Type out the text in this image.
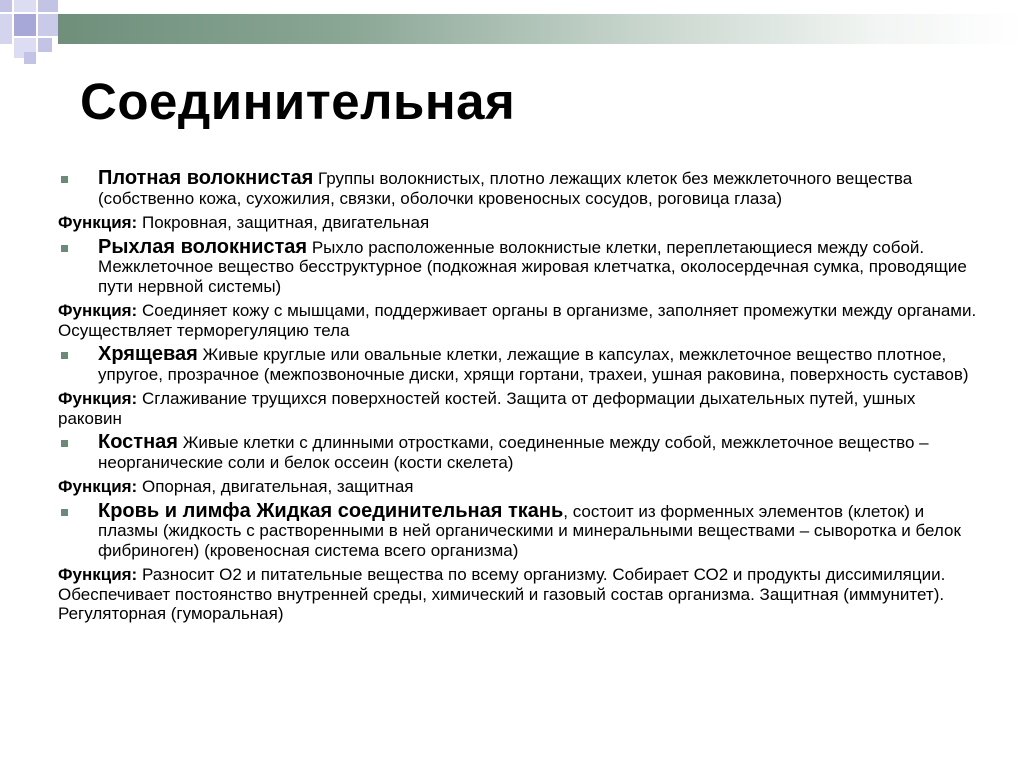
Соединительная
Плотная волокнистая Группы волокнистых, плотно лежащих клеток без межклеточного вещества (собственно кожа, сухожилия, связки, оболочки кровеносных сосудов, роговица глаза)
Функция: Покровная, защитная, двигательная
Рыхлая волокнистая Рыхло расположенные волокнистые клетки, переплетающиеся между собой. Межклеточное вещество бесструктурное (подкожная жировая клетчатка, околосердечная сумка, проводящие пути нервной системы)
Функция: Соединяет кожу с мышцами, поддерживает органы в организме, заполняет промежутки между органами. Осуществляет терморегуляцию тела
Хрящевая Живые круглые или овальные клетки, лежащие в капсулах, межклеточное вещество плотное, упругое, прозрачное (межпозвоночные диски, хрящи гортани, трахеи, ушная раковина, поверхность суставов)
Функция: Сглаживание трущихся поверхностей костей. Защита от деформации дыхательных путей, ушных раковин
Костная Живые клетки с длинными отростками, соединенные между собой, межклеточное вещество – неорганические соли и белок оссеин (кости скелета)
Функция: Опорная, двигательная, защитная
Кровь и лимфа Жидкая соединительная ткань, состоит из форменных элементов (клеток) и плазмы (жидкость с растворенными в ней органическими и минеральными веществами – сыворотка и белок фибриноген) (кровеносная система всего организма)
Функция: Разносит О2 и питательные вещества по всему организму. Собирает СО2 и продукты диссимиляции. Обеспечивает постоянство внутренней среды, химический и газовый состав организма. Защитная (иммунитет). Регуляторная (гуморальная)
